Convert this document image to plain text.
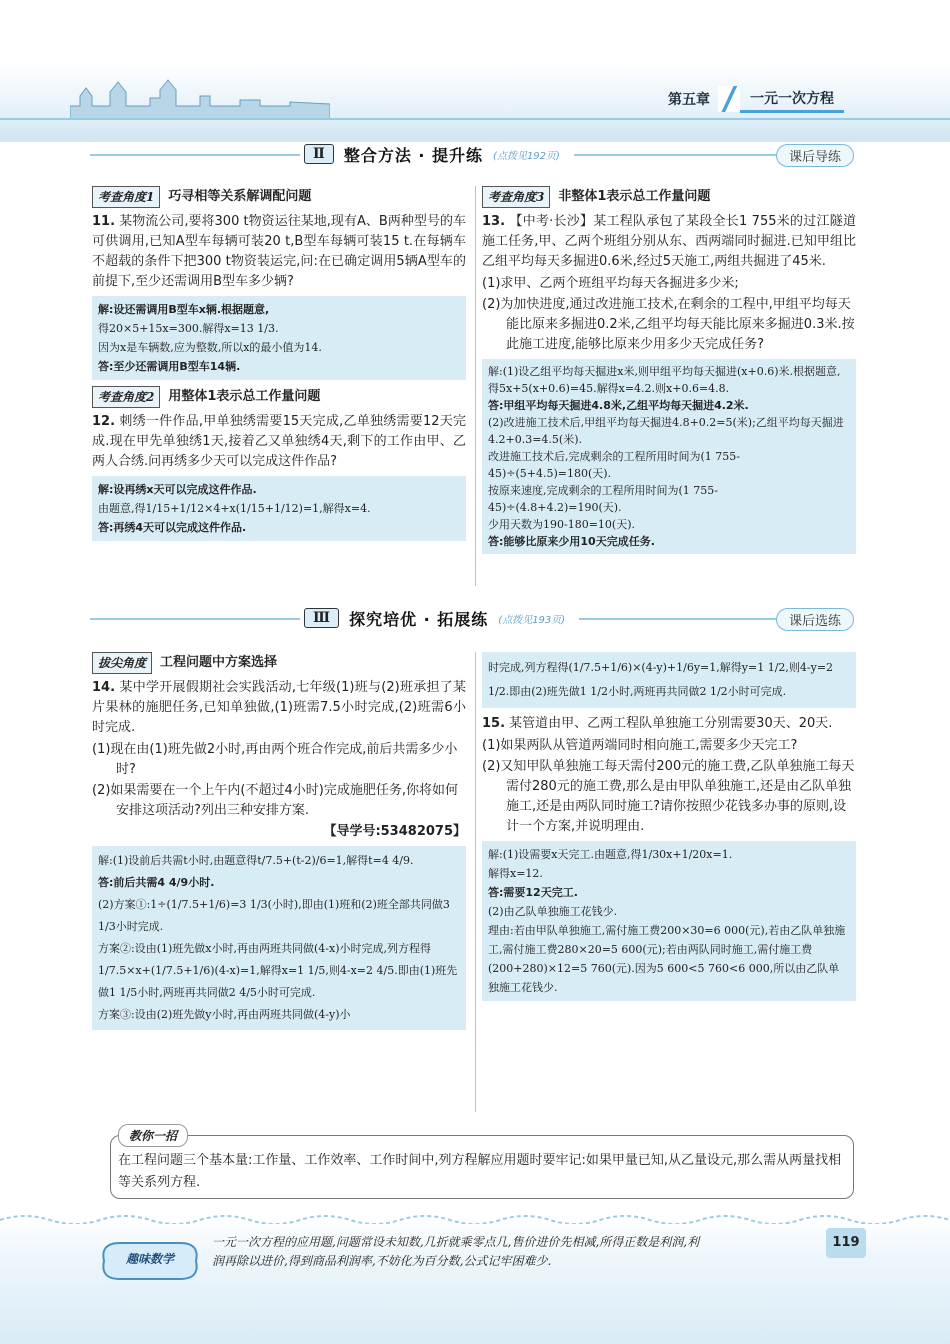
第五章	一元一次方程
Ⅱ	整合方法 · 提升练 (点拨见192页)	课后导练
考查角度1	巧寻相等关系解调配问题
11. 某物流公司,要将300 t物资运往某地,现有A、B两种型号的车可供调用,已知A型车每辆可装20 t,B型车每辆可装15 t.在每辆车不超载的条件下把300 t物资装运完,问:在已确定调用5辆A型车的前提下,至少还需调用B型车多少辆?
解:设还需调用B型车x辆.根据题意,
得20×5+15x=300.解得x=13 1/3.
因为x是车辆数,应为整数,所以x的最小值为14.
答:至少还需调用B型车14辆.
考查角度2	用整体1表示总工作量问题
12. 刺绣一件作品,甲单独绣需要15天完成,乙单独绣需要12天完成.现在甲先单独绣1天,接着乙又单独绣4天,剩下的工作由甲、乙两人合绣.问再绣多少天可以完成这件作品?
解:设再绣x天可以完成这件作品.
由题意,得1/15+1/12×4+x(1/15+1/12)=1,解得x=4.
答:再绣4天可以完成这件作品.
考查角度3	非整体1表示总工作量问题
13. 【中考·长沙】某工程队承包了某段全长1 755米的过江隧道施工任务,甲、乙两个班组分别从东、西两端同时掘进.已知甲组比乙组平均每天多掘进0.6米,经过5天施工,两组共掘进了45米.
(1)求甲、乙两个班组平均每天各掘进多少米;
(2)为加快进度,通过改进施工技术,在剩余的工程中,甲组平均每天能比原来多掘进0.2米,乙组平均每天能比原来多掘进0.3米.按此施工进度,能够比原来少用多少天完成任务?
解:(1)设乙组平均每天掘进x米,则甲组平均每天掘进(x+0.6)米.根据题意,得5x+5(x+0.6)=45.解得x=4.2.则x+0.6=4.8.
答:甲组平均每天掘进4.8米,乙组平均每天掘进4.2米.
(2)改进施工技术后,甲组平均每天掘进4.8+0.2=5(米);乙组平均每天掘进4.2+0.3=4.5(米).
改进施工技术后,完成剩余的工程所用时间为(1 755-45)÷(5+4.5)=180(天).
按原来速度,完成剩余的工程所用时间为(1 755-45)÷(4.8+4.2)=190(天).
少用天数为190-180=10(天).
答:能够比原来少用10天完成任务.
Ⅲ	探究培优 · 拓展练 (点拨见193页)	课后选练
拔尖角度	工程问题中方案选择
14. 某中学开展假期社会实践活动,七年级(1)班与(2)班承担了某片果林的施肥任务,已知单独做,(1)班需7.5小时完成,(2)班需6小时完成.
(1)现在由(1)班先做2小时,再由两个班合作完成,前后共需多少小时?
(2)如果需要在一个上午内(不超过4小时)完成施肥任务,你将如何安排这项活动?列出三种安排方案.
【导学号:53482075】
解:(1)设前后共需t小时,由题意得t/7.5+(t-2)/6=1,解得t=4 4/9.
答:前后共需4 4/9小时.
(2)方案①:1÷(1/7.5+1/6)=3 1/3(小时),即由(1)班和(2)班全部共同做3 1/3小时完成.
方案②:设由(1)班先做x小时,再由两班共同做(4-x)小时完成,列方程得1/7.5×x+(1/7.5+1/6)(4-x)=1,解得x=1 1/5,则4-x=2 4/5.即由(1)班先做1 1/5小时,两班再共同做2 4/5小时可完成.
方案③:设由(2)班先做y小时,再由两班共同做(4-y)小
时完成,列方程得(1/7.5+1/6)×(4-y)+1/6y=1,解得y=1 1/2,则4-y=2 1/2.即由(2)班先做1 1/2小时,两班再共同做2 1/2小时可完成.
15. 某管道由甲、乙两工程队单独施工分别需要30天、20天.
(1)如果两队从管道两端同时相向施工,需要多少天完工?
(2)又知甲队单独施工每天需付200元的施工费,乙队单独施工每天需付280元的施工费,那么是由甲队单独施工,还是由乙队单独施工,还是由两队同时施工?请你按照少花钱多办事的原则,设计一个方案,并说明理由.
解:(1)设需要x天完工.由题意,得1/30x+1/20x=1.
解得x=12.
答:需要12天完工.
(2)由乙队单独施工花钱少.
理由:若由甲队单独施工,需付施工费200×30=6 000(元),若由乙队单独施工,需付施工费280×20=5 600(元);若由两队同时施工,需付施工费(200+280)×12=5 760(元).因为5 600<5 760<6 000,所以由乙队单独施工花钱少.
教你一招
在工程问题三个基本量:工作量、工作效率、工作时间中,列方程解应用题时要牢记:如果甲量已知,从乙量设元,那么需从两量找相等关系列方程.
趣味数学
一元一次方程的应用题,问题常设未知数,几折就乘零点几,售价进价先相减,所得正数是利润,利
润再除以进价,得到商品利润率,不妨化为百分数,公式记牢困难少.
119
